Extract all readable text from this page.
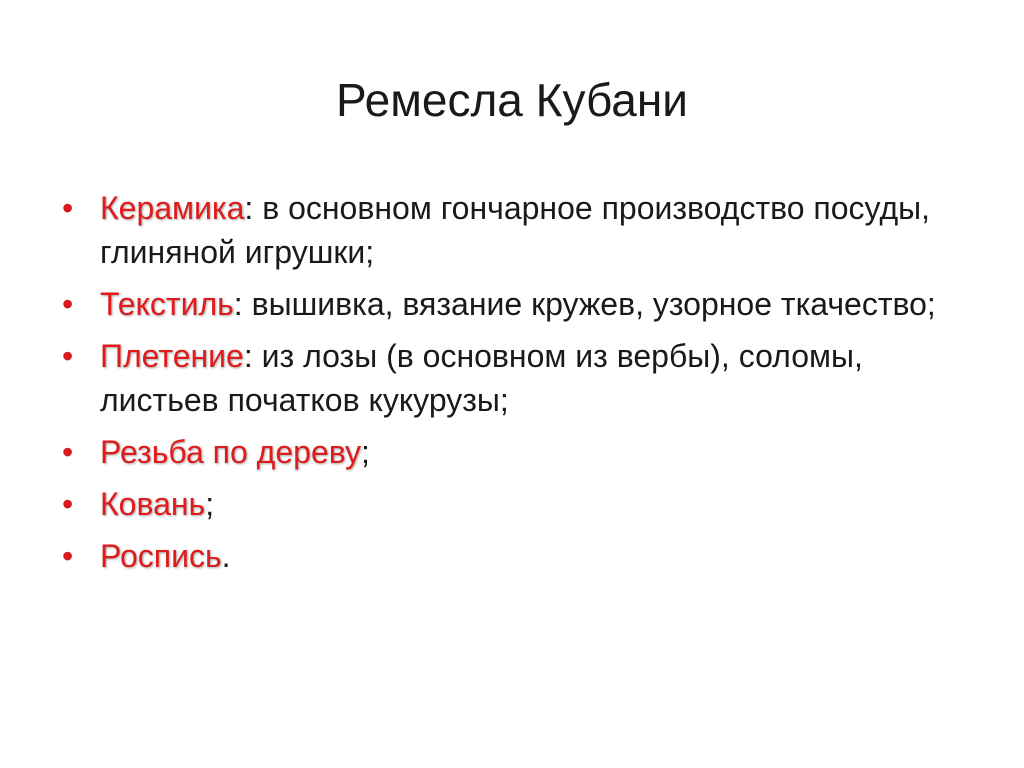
Ремесла Кубани
• Керамика: в основном гончарное производство посуды, глиняной игрушки;
• Текстиль: вышивка, вязание кружев, узорное ткачество;
• Плетение: из лозы (в основном из вербы), соломы, листьев початков кукурузы;
• Резьба по дереву;
• Ковань;
• Роспись.
